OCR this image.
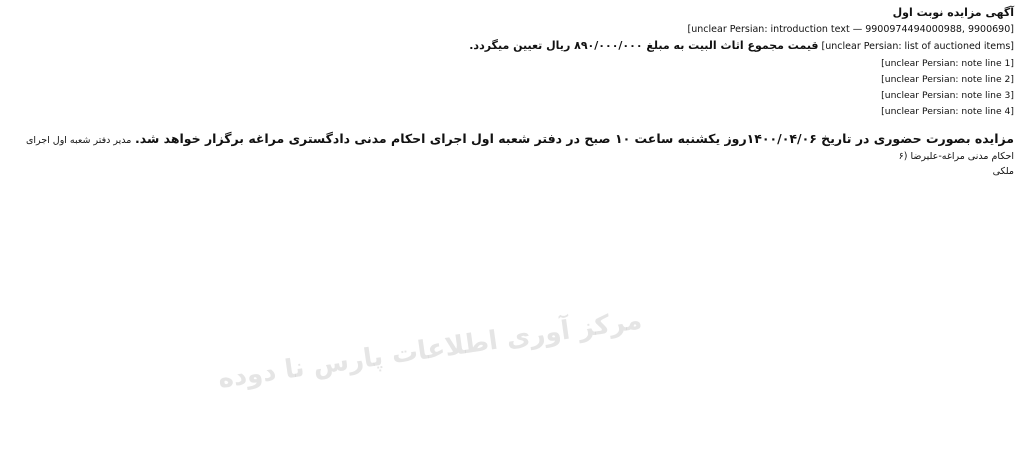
آگهی مزایده نوبت اول

[unclear Persian: introduction text — 9900974494000988, 9900690]

[unclear Persian: list of auctioned items] قیمت مجموع اثاث البیت به مبلغ ۸۹۰/۰۰۰/۰۰۰ ریال تعیین میگردد.

[unclear Persian: note line 1]

[unclear Persian: note line 2]

[unclear Persian: note line 3]

[unclear Persian: note line 4]

مزایده بصورت حضوری در تاریخ ۱۴۰۰/۰۴/۰۶روز یکشنبه ساعت ۱۰ صبح در دفتر شعبه اول اجرای احکام مدنی دادگستری مراغه برگزار خواهد شد. مدیر دفتر شعبه اول اجرای احکام مدنی مراغه-علیرضا (۶
ملکی
مرکز آوری اطلاعات پارس نا دوده
